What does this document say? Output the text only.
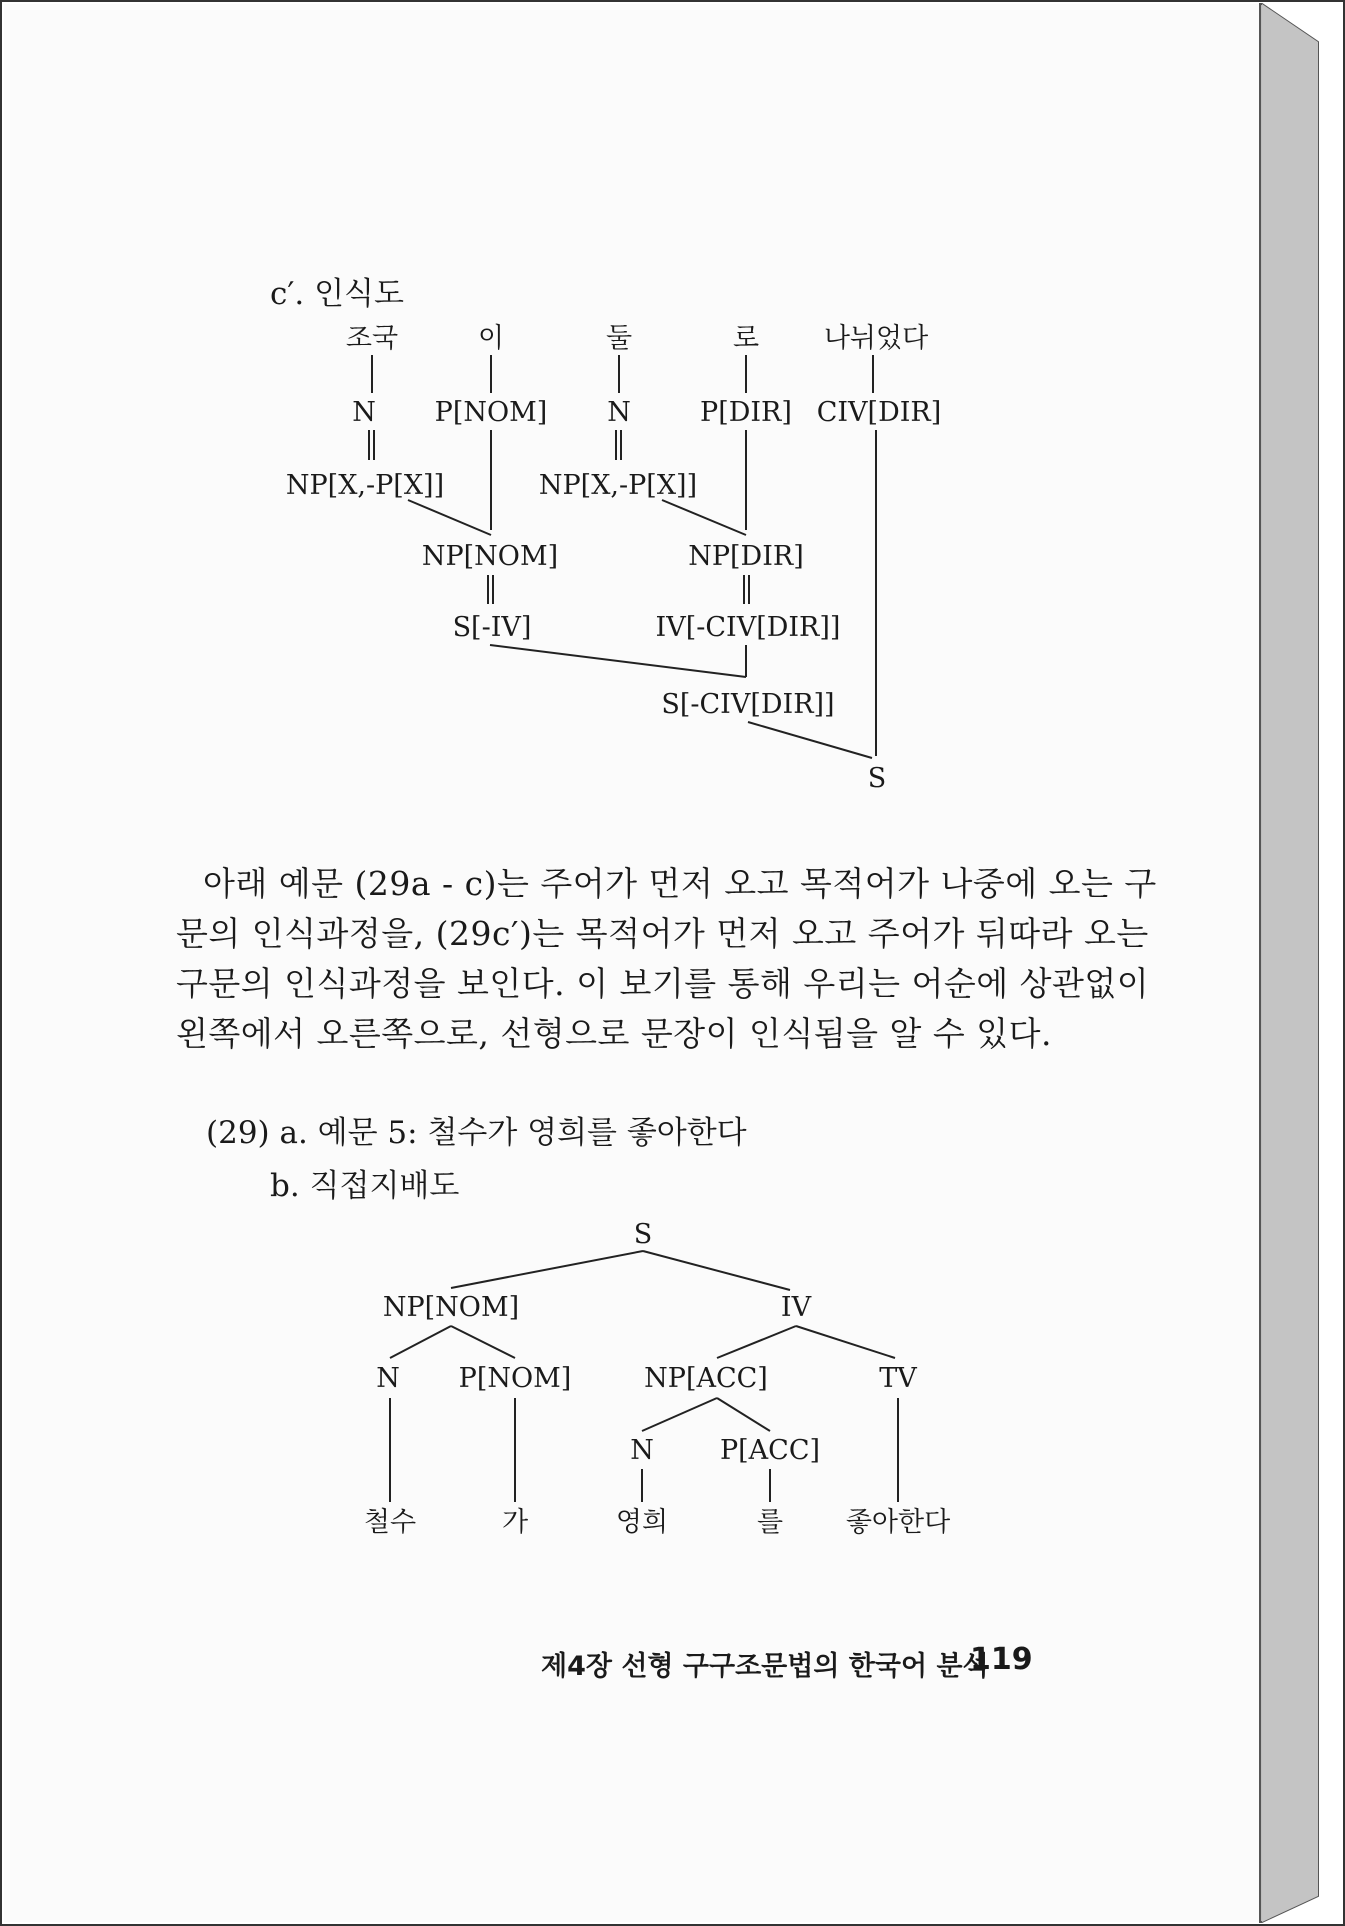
c′. 인식도
조국	이	둘	로 나뉘었다
N P[NOM] N	P[DIR] CIV[DIR]
NP[X,-P[X]]	NP[X,-P[X]]
NP[NOM]	NP[DIR]
S[-IV]	IV[-CIV[DIR]]
S[-CIV[DIR]]
S
아래 예문 (29a - c)는 주어가 먼저 오고 목적어가 나중에 오는 구
문의 인식과정을, (29c′)는 목적어가 먼저 오고 주어가 뒤따라 오는
구문의 인식과정을 보인다. 이 보기를 통해 우리는 어순에 상관없이
왼쪽에서 오른쪽으로, 선형으로 문장이 인식됨을 알 수 있다.
(29) a. 예문 5: 철수가 영희를 좋아한다
b. 직접지배도
S
NP[NOM]	IV
N P[NOM]	NP[ACC]	TV
N P[ACC]
철수	가	영희	를 좋아한다
제4장 선형 구구조문법의 한국어 분석
119
